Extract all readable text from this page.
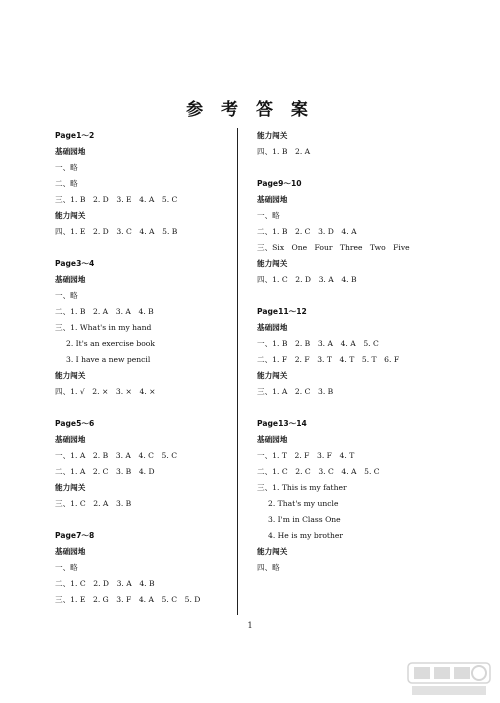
参 考 答 案
Page1～2
基础园地
一、略
二、略
三、1. B　2. D　3. E　4. A　5. C
能力闯关
四、1. E　2. D　3. C　4. A　5. B
Page3～4
基础园地
一、略
二、1. B　2. A　3. A　4. B
三、1. What's in my hand
2. It's an exercise book
3. I have a new pencil
能力闯关
四、1. √　2. ×　3. ×　4. ×
Page5～6
基础园地
一、1. A　2. B　3. A　4. C　5. C
二、1. A　2. C　3. B　4. D
能力闯关
三、1. C　2. A　3. B
Page7～8
基础园地
一、略
二、1. C　2. D　3. A　4. B
三、1. E　2. G　3. F　4. A　5. C　5. D
能力闯关
四、1. B　2. A
Page9～10
基础园地
一、略
二、1. B　2. C　3. D　4. A
三、Six One Four Three Two Five
能力闯关
四、1. C　2. D　3. A　4. B
Page11～12
基础园地
一、1. B　2. B　3. A　4. A　5. C
二、1. F　2. F　3. T　4. T　5. T　6. F
能力闯关
三、1. A　2. C　3. B
Page13～14
基础园地
一、1. T　2. F　3. F　4. T
二、1. C　2. C　3. C　4. A　5. C
三、1. This is my father
2. That's my uncle
3. I'm in Class One
4. He is my brother
能力闯关
四、略
1
